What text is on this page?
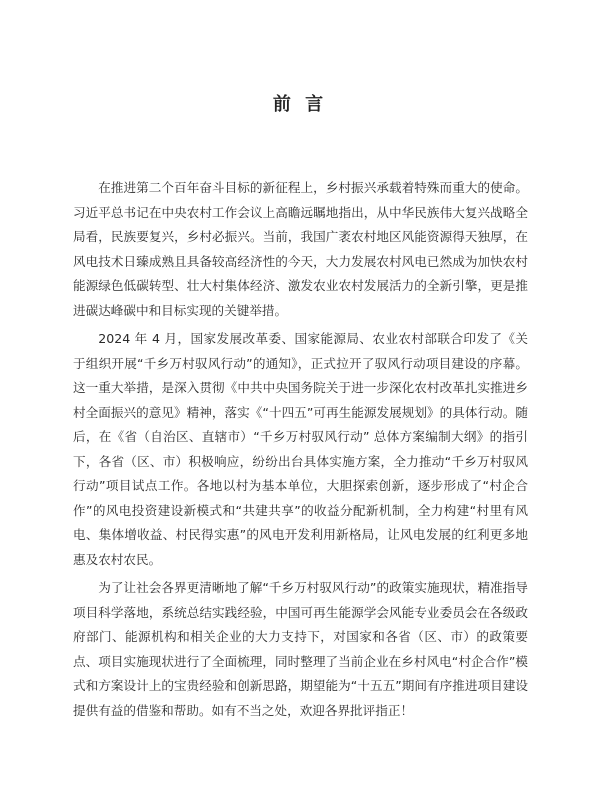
前 言

在推进第二个百年奋斗目标的新征程上，乡村振兴承载着特殊而重大的使命。习近平总书记在中央农村工作会议上高瞻远瞩地指出，从中华民族伟大复兴战略全局看，民族要复兴，乡村必振兴。当前，我国广袤农村地区风能资源得天独厚，在风电技术日臻成熟且具备较高经济性的今天，大力发展农村风电已然成为加快农村能源绿色低碳转型、壮大村集体经济、激发农业农村发展活力的全新引擎，更是推进碳达峰碳中和目标实现的关键举措。

2024 年 4 月，国家发展改革委、国家能源局、农业农村部联合印发了《关于组织开展“千乡万村驭风行动”的通知》，正式拉开了驭风行动项目建设的序幕。这一重大举措，是深入贯彻《中共中央国务院关于进一步深化农村改革扎实推进乡村全面振兴的意见》精神，落实《“十四五”可再生能源发展规划》的具体行动。随后，在《省（自治区、直辖市）“千乡万村驭风行动” 总体方案编制大纲》的指引下，各省（区、市）积极响应，纷纷出台具体实施方案，全力推动“千乡万村驭风行动”项目试点工作。各地以村为基本单位，大胆探索创新，逐步形成了“村企合作”的风电投资建设新模式和“共建共享”的收益分配新机制，全力构建“村里有风电、集体增收益、村民得实惠”的风电开发利用新格局，让风电发展的红利更多地惠及农村农民。

为了让社会各界更清晰地了解“千乡万村驭风行动”的政策实施现状，精准指导项目科学落地，系统总结实践经验，中国可再生能源学会风能专业委员会在各级政府部门、能源机构和相关企业的大力支持下，对国家和各省（区、市）的政策要点、项目实施现状进行了全面梳理，同时整理了当前企业在乡村风电“村企合作”模式和方案设计上的宝贵经验和创新思路，期望能为“十五五”期间有序推进项目建设提供有益的借鉴和帮助。如有不当之处，欢迎各界批评指正！
